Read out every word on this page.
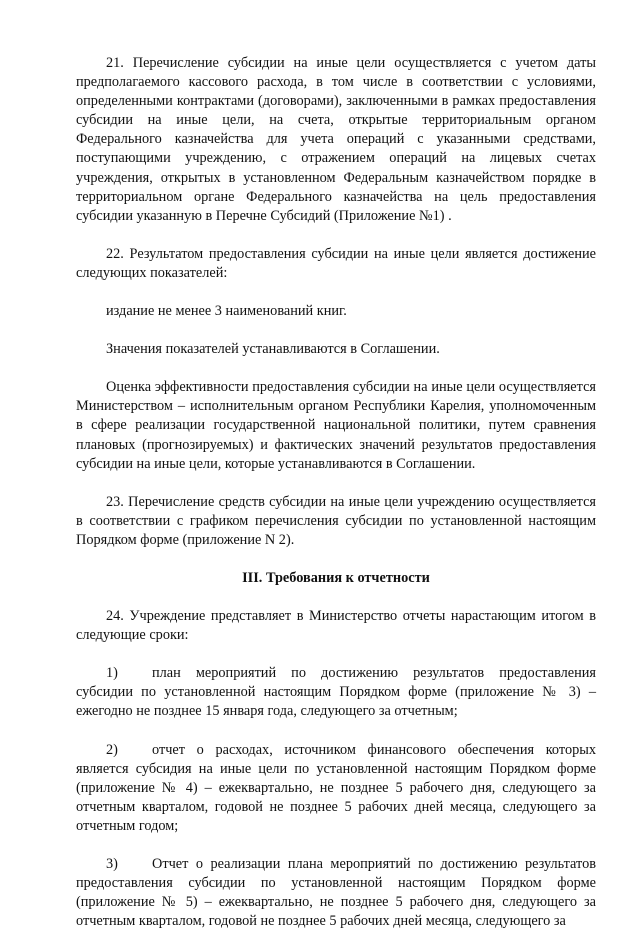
21. Перечисление субсидии на иные цели осуществляется с учетом даты предполагаемого кассового расхода, в том числе в соответствии с условиями, определенными контрактами (договорами), заключенными в рамках предоставления субсидии на иные цели, на счета, открытые территориальным органом Федерального казначейства для учета операций с указанными средствами, поступающими учреждению, с отражением операций на лицевых счетах учреждения, открытых в установленном Федеральным казначейством порядке в территориальном органе Федерального казначейства на цель предоставления субсидии указанную в Перечне Субсидий (Приложение №1) .

22. Результатом предоставления субсидии на иные цели является достижение следующих показателей:

издание не менее 3 наименований книг.

Значения показателей устанавливаются в Соглашении.

Оценка эффективности предоставления субсидии на иные цели осуществляется Министерством – исполнительным органом Республики Карелия, уполномоченным в сфере реализации государственной национальной политики, путем сравнения плановых (прогнозируемых) и фактических значений результатов предоставления субсидии на иные цели, которые устанавливаются в Соглашении.

23. Перечисление средств субсидии на иные цели учреждению осуществляется в соответствии с графиком перечисления субсидии по установленной настоящим Порядком форме (приложение N 2).

III. Требования к отчетности

24. Учреждение представляет в Министерство отчеты нарастающим итогом в следующие сроки:

1) план мероприятий по достижению результатов предоставления субсидии по установленной настоящим Порядком форме (приложение № 3) – ежегодно не позднее 15 января года, следующего за отчетным;

2) отчет о расходах, источником финансового обеспечения которых является субсидия на иные цели по установленной настоящим Порядком форме (приложение № 4) – ежеквартально, не позднее 5 рабочего дня, следующего за отчетным кварталом, годовой не позднее 5 рабочих дней месяца, следующего за отчетным годом;

3) Отчет о реализации плана мероприятий по достижению результатов предоставления субсидии по установленной настоящим Порядком форме (приложение № 5) – ежеквартально, не позднее 5 рабочего дня, следующего за отчетным кварталом, годовой не позднее 5 рабочих дней месяца, следующего за
